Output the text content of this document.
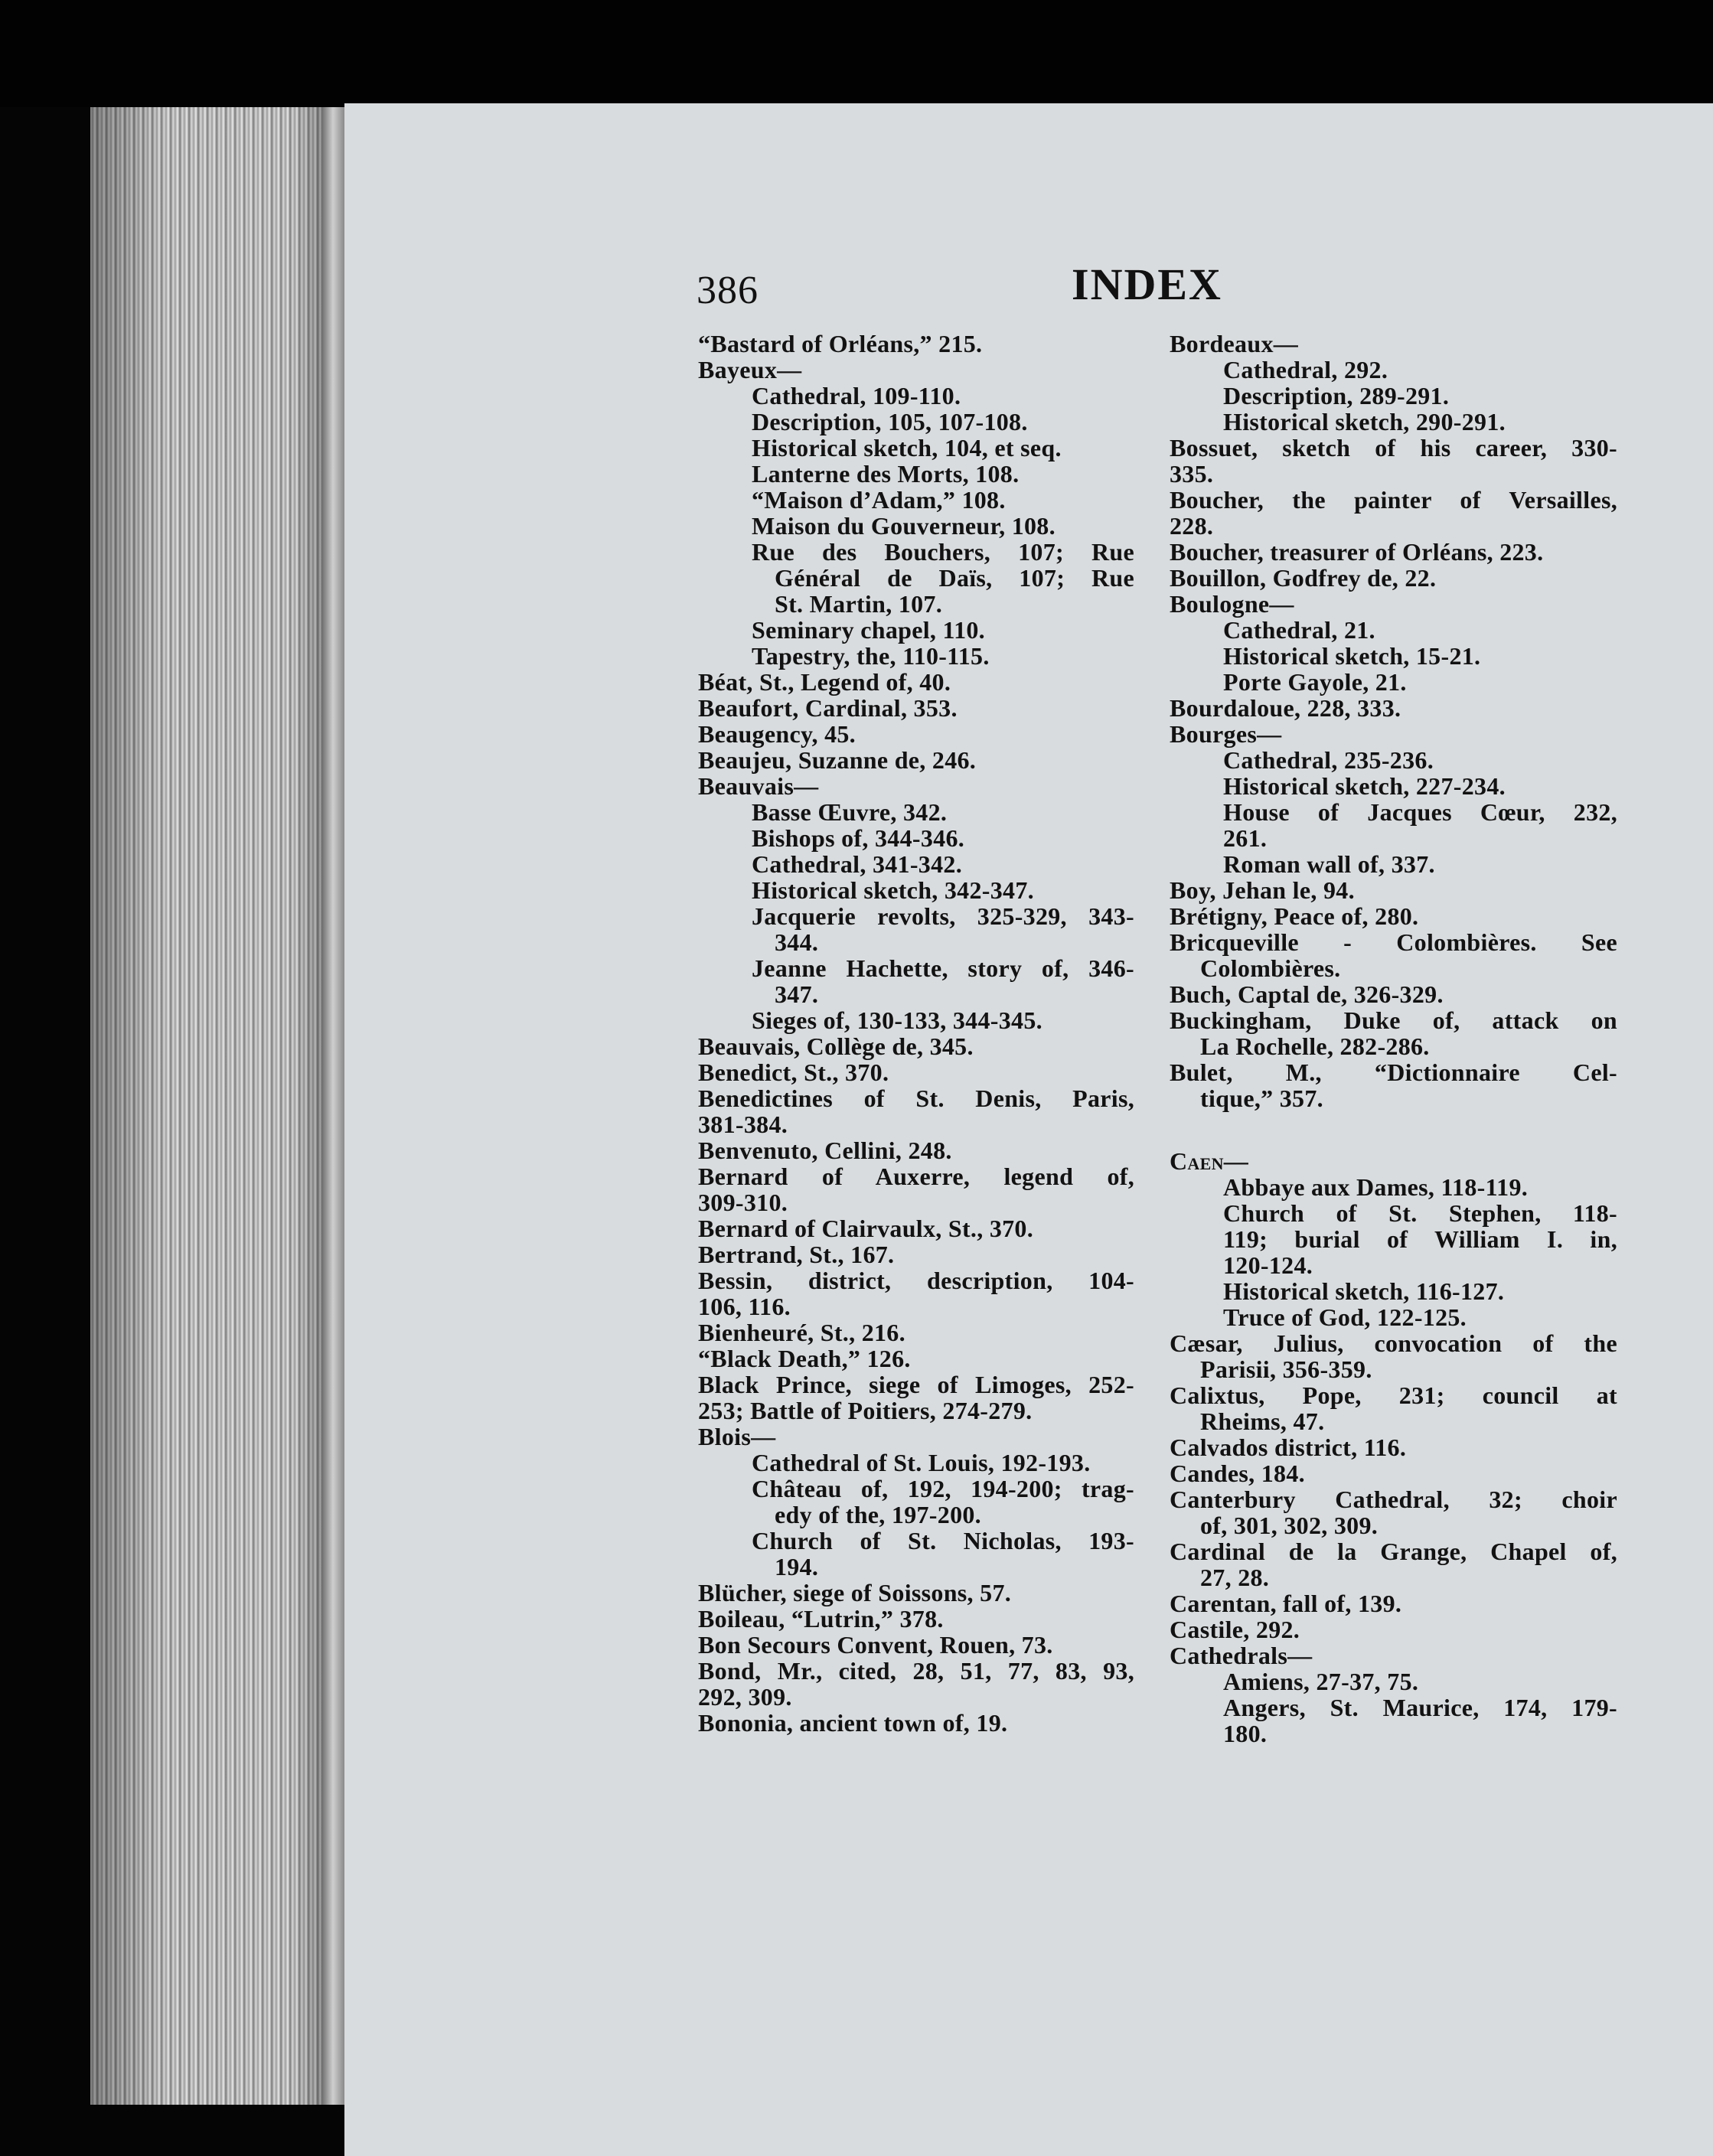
386	INDEX
“Bastard of Orléans,” 215.
Bayeux—
Cathedral, 109-110.
Description, 105, 107-108.
Historical sketch, 104, et seq.
Lanterne des Morts, 108.
“Maison d’Adam,” 108.
Maison du Gouverneur, 108.
Rue des Bouchers, 107; Rue
Général de Daïs, 107; Rue
St. Martin, 107.
Seminary chapel, 110.
Tapestry, the, 110-115.
Béat, St., Legend of, 40.
Beaufort, Cardinal, 353.
Beaugency, 45.
Beaujeu, Suzanne de, 246.
Beauvais—
Basse Œuvre, 342.
Bishops of, 344-346.
Cathedral, 341-342.
Historical sketch, 342-347.
Jacquerie revolts, 325-329, 343-
344.
Jeanne Hachette, story of, 346-
347.
Sieges of, 130-133, 344-345.
Beauvais, Collège de, 345.
Benedict, St., 370.
Benedictines of St. Denis, Paris,
381-384.
Benvenuto, Cellini, 248.
Bernard of Auxerre, legend of,
309-310.
Bernard of Clairvaulx, St., 370.
Bertrand, St., 167.
Bessin, district, description, 104-
106, 116.
Bienheuré, St., 216.
“Black Death,” 126.
Black Prince, siege of Limoges, 252-
253; Battle of Poitiers, 274-279.
Blois—
Cathedral of St. Louis, 192-193.
Château of, 192, 194-200; trag-
edy of the, 197-200.
Church of St. Nicholas, 193-
194.
Blücher, siege of Soissons, 57.
Boileau, “Lutrin,” 378.
Bon Secours Convent, Rouen, 73.
Bond, Mr., cited, 28, 51, 77, 83, 93,
292, 309.
Bononia, ancient town of, 19.
Bordeaux—
Cathedral, 292.
Description, 289-291.
Historical sketch, 290-291.
Bossuet, sketch of his career, 330-
335.
Boucher, the painter of Versailles,
228.
Boucher, treasurer of Orléans, 223.
Bouillon, Godfrey de, 22.
Boulogne—
Cathedral, 21.
Historical sketch, 15-21.
Porte Gayole, 21.
Bourdaloue, 228, 333.
Bourges—
Cathedral, 235-236.
Historical sketch, 227-234.
House of Jacques Cœur, 232,
261.
Roman wall of, 337.
Boy, Jehan le, 94.
Brétigny, Peace of, 280.
Bricqueville - Colombières. See
Colombières.
Buch, Captal de, 326-329.
Buckingham, Duke of, attack on
La Rochelle, 282-286.
Bulet, M., “Dictionnaire Cel-
tique,” 357.
Caen—
Abbaye aux Dames, 118-119.
Church of St. Stephen, 118-
119; burial of William I. in,
120-124.
Historical sketch, 116-127.
Truce of God, 122-125.
Cæsar, Julius, convocation of the
Parisii, 356-359.
Calixtus, Pope, 231; council at
Rheims, 47.
Calvados district, 116.
Candes, 184.
Canterbury Cathedral, 32; choir
of, 301, 302, 309.
Cardinal de la Grange, Chapel of,
27, 28.
Carentan, fall of, 139.
Castile, 292.
Cathedrals—
Amiens, 27-37, 75.
Angers, St. Maurice, 174, 179-
180.
